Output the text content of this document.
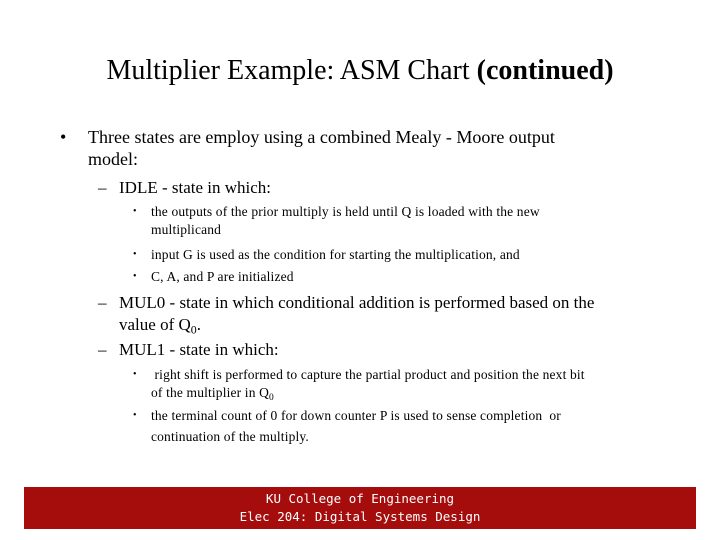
Multiplier Example: ASM Chart (continued)
• Three states are employ using a combined Mealy - Moore output
model:
– IDLE - state in which:
• the outputs of the prior multiply is held until Q is loaded with the new
multiplicand
• input G is used as the condition for starting the multiplication, and
• C, A, and P are initialized
– MUL0 - state in which conditional addition is performed based on the
value of $Q_0$.
– MUL1 - state in which:
• right shift is performed to capture the partial product and position the next bit
of the multiplier in $Q_0$
• the terminal count of 0 for down counter P is used to sense completion  or
continuation of the multiply.
KU College of Engineering
Elec 204: Digital Systems Design
